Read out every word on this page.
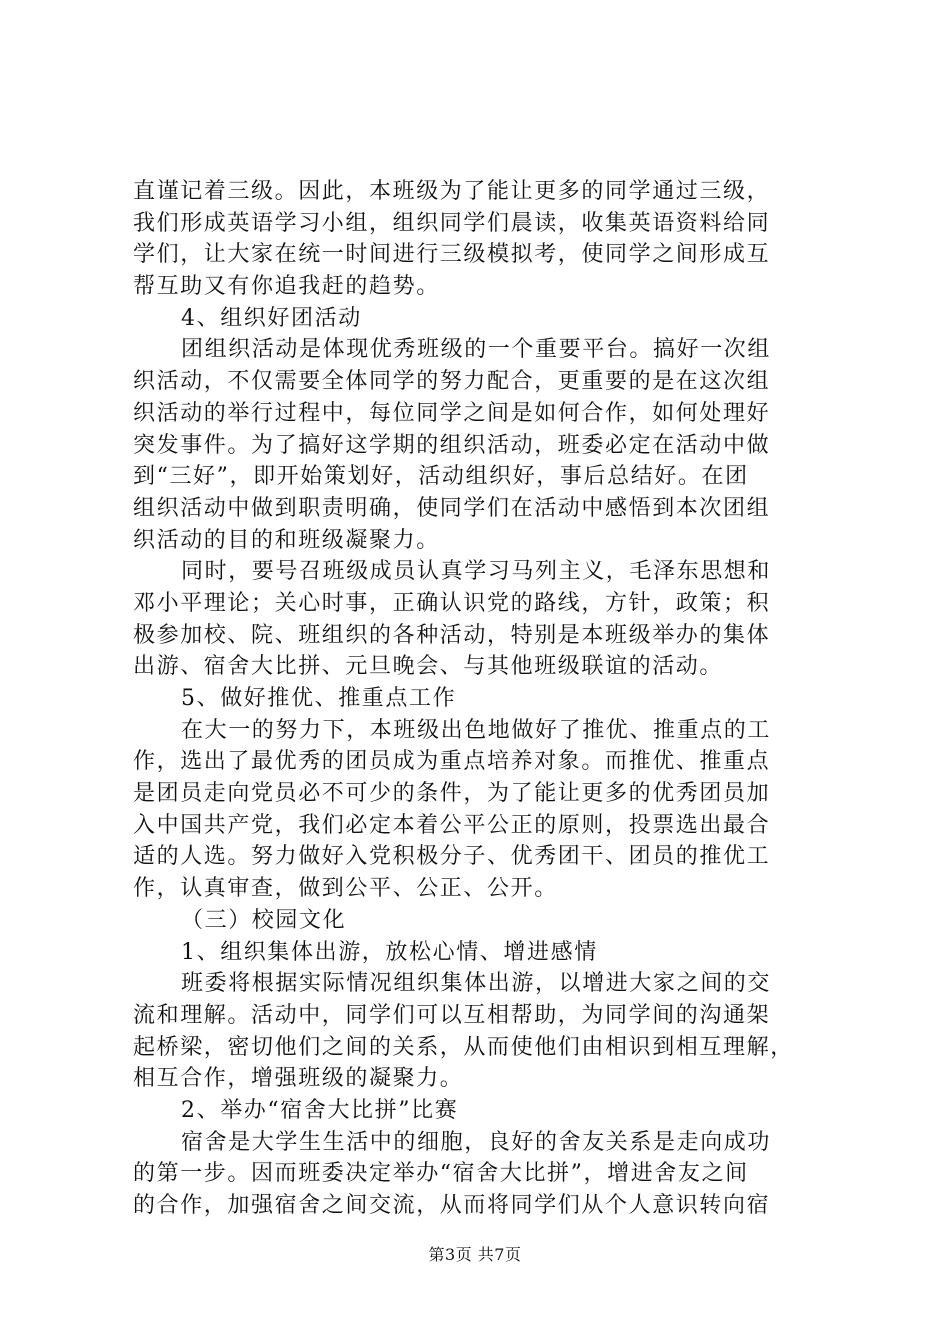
直谨记着三级。因此，本班级为了能让更多的同学通过三级，
我们形成英语学习小组，组织同学们晨读，收集英语资料给同
学们，让大家在统一时间进行三级模拟考，使同学之间形成互
帮互助又有你追我赶的趋势。
4、组织好团活动
团组织活动是体现优秀班级的一个重要平台。搞好一次组
织活动，不仅需要全体同学的努力配合，更重要的是在这次组
织活动的举行过程中，每位同学之间是如何合作，如何处理好
突发事件。为了搞好这学期的组织活动，班委必定在活动中做
到“三好”，即开始策划好，活动组织好，事后总结好。在团
组织活动中做到职责明确，使同学们在活动中感悟到本次团组
织活动的目的和班级凝聚力。
同时，要号召班级成员认真学习马列主义，毛泽东思想和
邓小平理论；关心时事，正确认识党的路线，方针，政策；积
极参加校、院、班组织的各种活动，特别是本班级举办的集体
出游、宿舍大比拼、元旦晚会、与其他班级联谊的活动。
5、做好推优、推重点工作
在大一的努力下，本班级出色地做好了推优、推重点的工
作，选出了最优秀的团员成为重点培养对象。而推优、推重点
是团员走向党员必不可少的条件，为了能让更多的优秀团员加
入中国共产党，我们必定本着公平公正的原则，投票选出最合
适的人选。努力做好入党积极分子、优秀团干、团员的推优工
作，认真审查，做到公平、公正、公开。
（三）校园文化
1、组织集体出游，放松心情、增进感情
班委将根据实际情况组织集体出游，以增进大家之间的交
流和理解。活动中，同学们可以互相帮助，为同学间的沟通架
起桥梁，密切他们之间的关系，从而使他们由相识到相互理解，
相互合作，增强班级的凝聚力。
2、举办“宿舍大比拼”比赛
宿舍是大学生生活中的细胞，良好的舍友关系是走向成功
的第一步。因而班委决定举办“宿舍大比拼”，增进舍友之间
的合作，加强宿舍之间交流，从而将同学们从个人意识转向宿
第3页 共7页
